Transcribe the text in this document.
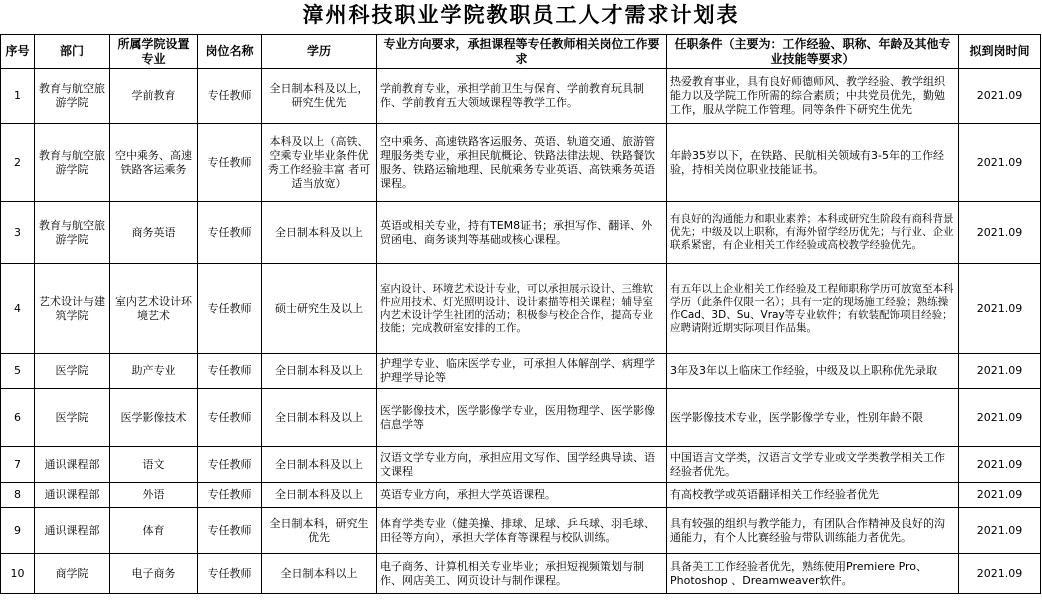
漳州科技职业学院教职员工人才需求计划表
序号	部门	所属学院设置专业	岗位名称	学历	专业方向要求，承担课程等专任教师相关岗位工作要求	任职条件（主要为：工作经验、职称、年龄及其他专业技能等要求）	拟到岗时间
1	教育与航空旅游学院	学前教育	专任教师	全日制本科及以上，研究生优先	学前教育专业，承担学前卫生与保育、学前教育玩具制作、学前教育五大领域课程等教学工作。	热爱教育事业，具有良好师德师风、教学经验、教学组织能力以及学院工作所需的综合素质；中共党员优先，勤勉工作，服从学院工作管理。同等条件下研究生优先	2021.09
2	教育与航空旅游学院	空中乘务、高速铁路客运乘务	专任教师	本科及以上（高铁、空乘专业毕业条件优秀工作经验丰富 者可适当放宽）	空中乘务、高速铁路客运服务、英语、轨道交通、旅游管理服务类专业，承担民航概论、铁路法律法规、铁路餐饮服务、铁路运输地理、民航乘务专业英语、高铁乘务英语课程。	年龄35岁以下，在铁路、民航相关领域有3-5年的工作经验，持相关岗位职业技能证书。	2021.09
3	教育与航空旅游学院	商务英语	专任教师	全日制本科及以上	英语或相关专业，持有TEM8证书；承担写作、翻译、外贸函电、商务谈判等基础或核心课程。	有良好的沟通能力和职业素养；本科或研究生阶段有商科背景优先；中级及以上职称，有海外留学经历优先；与行业、企业联系紧密，有企业相关工作经验或高校教学经验优先。	2021.09
4	艺术设计与建筑学院	室内艺术设计环境艺术	专任教师	硕士研究生及以上	室内设计、环境艺术设计专业，可以承担展示设计、三维软件应用技术、灯光照明设计、设计素描等相关课程；辅导室内艺术设计学生社团的活动；积极参与校企合作，提高专业技能；完成教研室安排的工作。	有五年以上企业相关工作经验及工程师职称学历可放宽至本科学历（此条件仅限一名）；具有一定的现场施工经验；熟练操作Cad、3D、Su、Vray等专业软件；有软装配饰项目经验；应聘请附近期实际项目作品集。	2021.09
5	医学院	助产专业	专任教师	全日制本科及以上	护理学专业、临床医学专业，可承担人体解剖学、病理学护理学导论等	3年及3年以上临床工作经验，中级及以上职称优先录取	2021.09
6	医学院	医学影像技术	专任教师	全日制本科及以上	医学影像技术，医学影像学专业，医用物理学、医学影像信息学等	医学影像技术专业，医学影像学专业，性别年龄不限	2021.09
7	通识课程部	语文	专任教师	全日制本科及以上	汉语文学专业方向，承担应用文写作、国学经典导读、语文课程	中国语言文学类，汉语言文学专业或文学类教学相关工作经验者优先。	2021.09
8	通识课程部	外语	专任教师	全日制本科及以上	英语专业方向，承担大学英语课程。	有高校教学或英语翻译相关工作经验者优先	2021.09
9	通识课程部	体育	专任教师	全日制本科，研究生优先	体育学类专业（健美操、排球、足球、乒乓球、羽毛球、田径等方向），承担大学体育等课程与校队训练。	具有较强的组织与教学能力，有团队合作精神及良好的沟通能力，有个人比赛经验与带队训练能力者优先。	2021.09
10	商学院	电子商务	专任教师	全日制本科以上	电子商务、计算机相关专业毕业；承担短视频策划与制作、网店美工、网页设计与制作课程。	具备美工工作经验者优先，熟练使用Premiere Pro、Photoshop 、Dreamweaver软件。	2021.09
